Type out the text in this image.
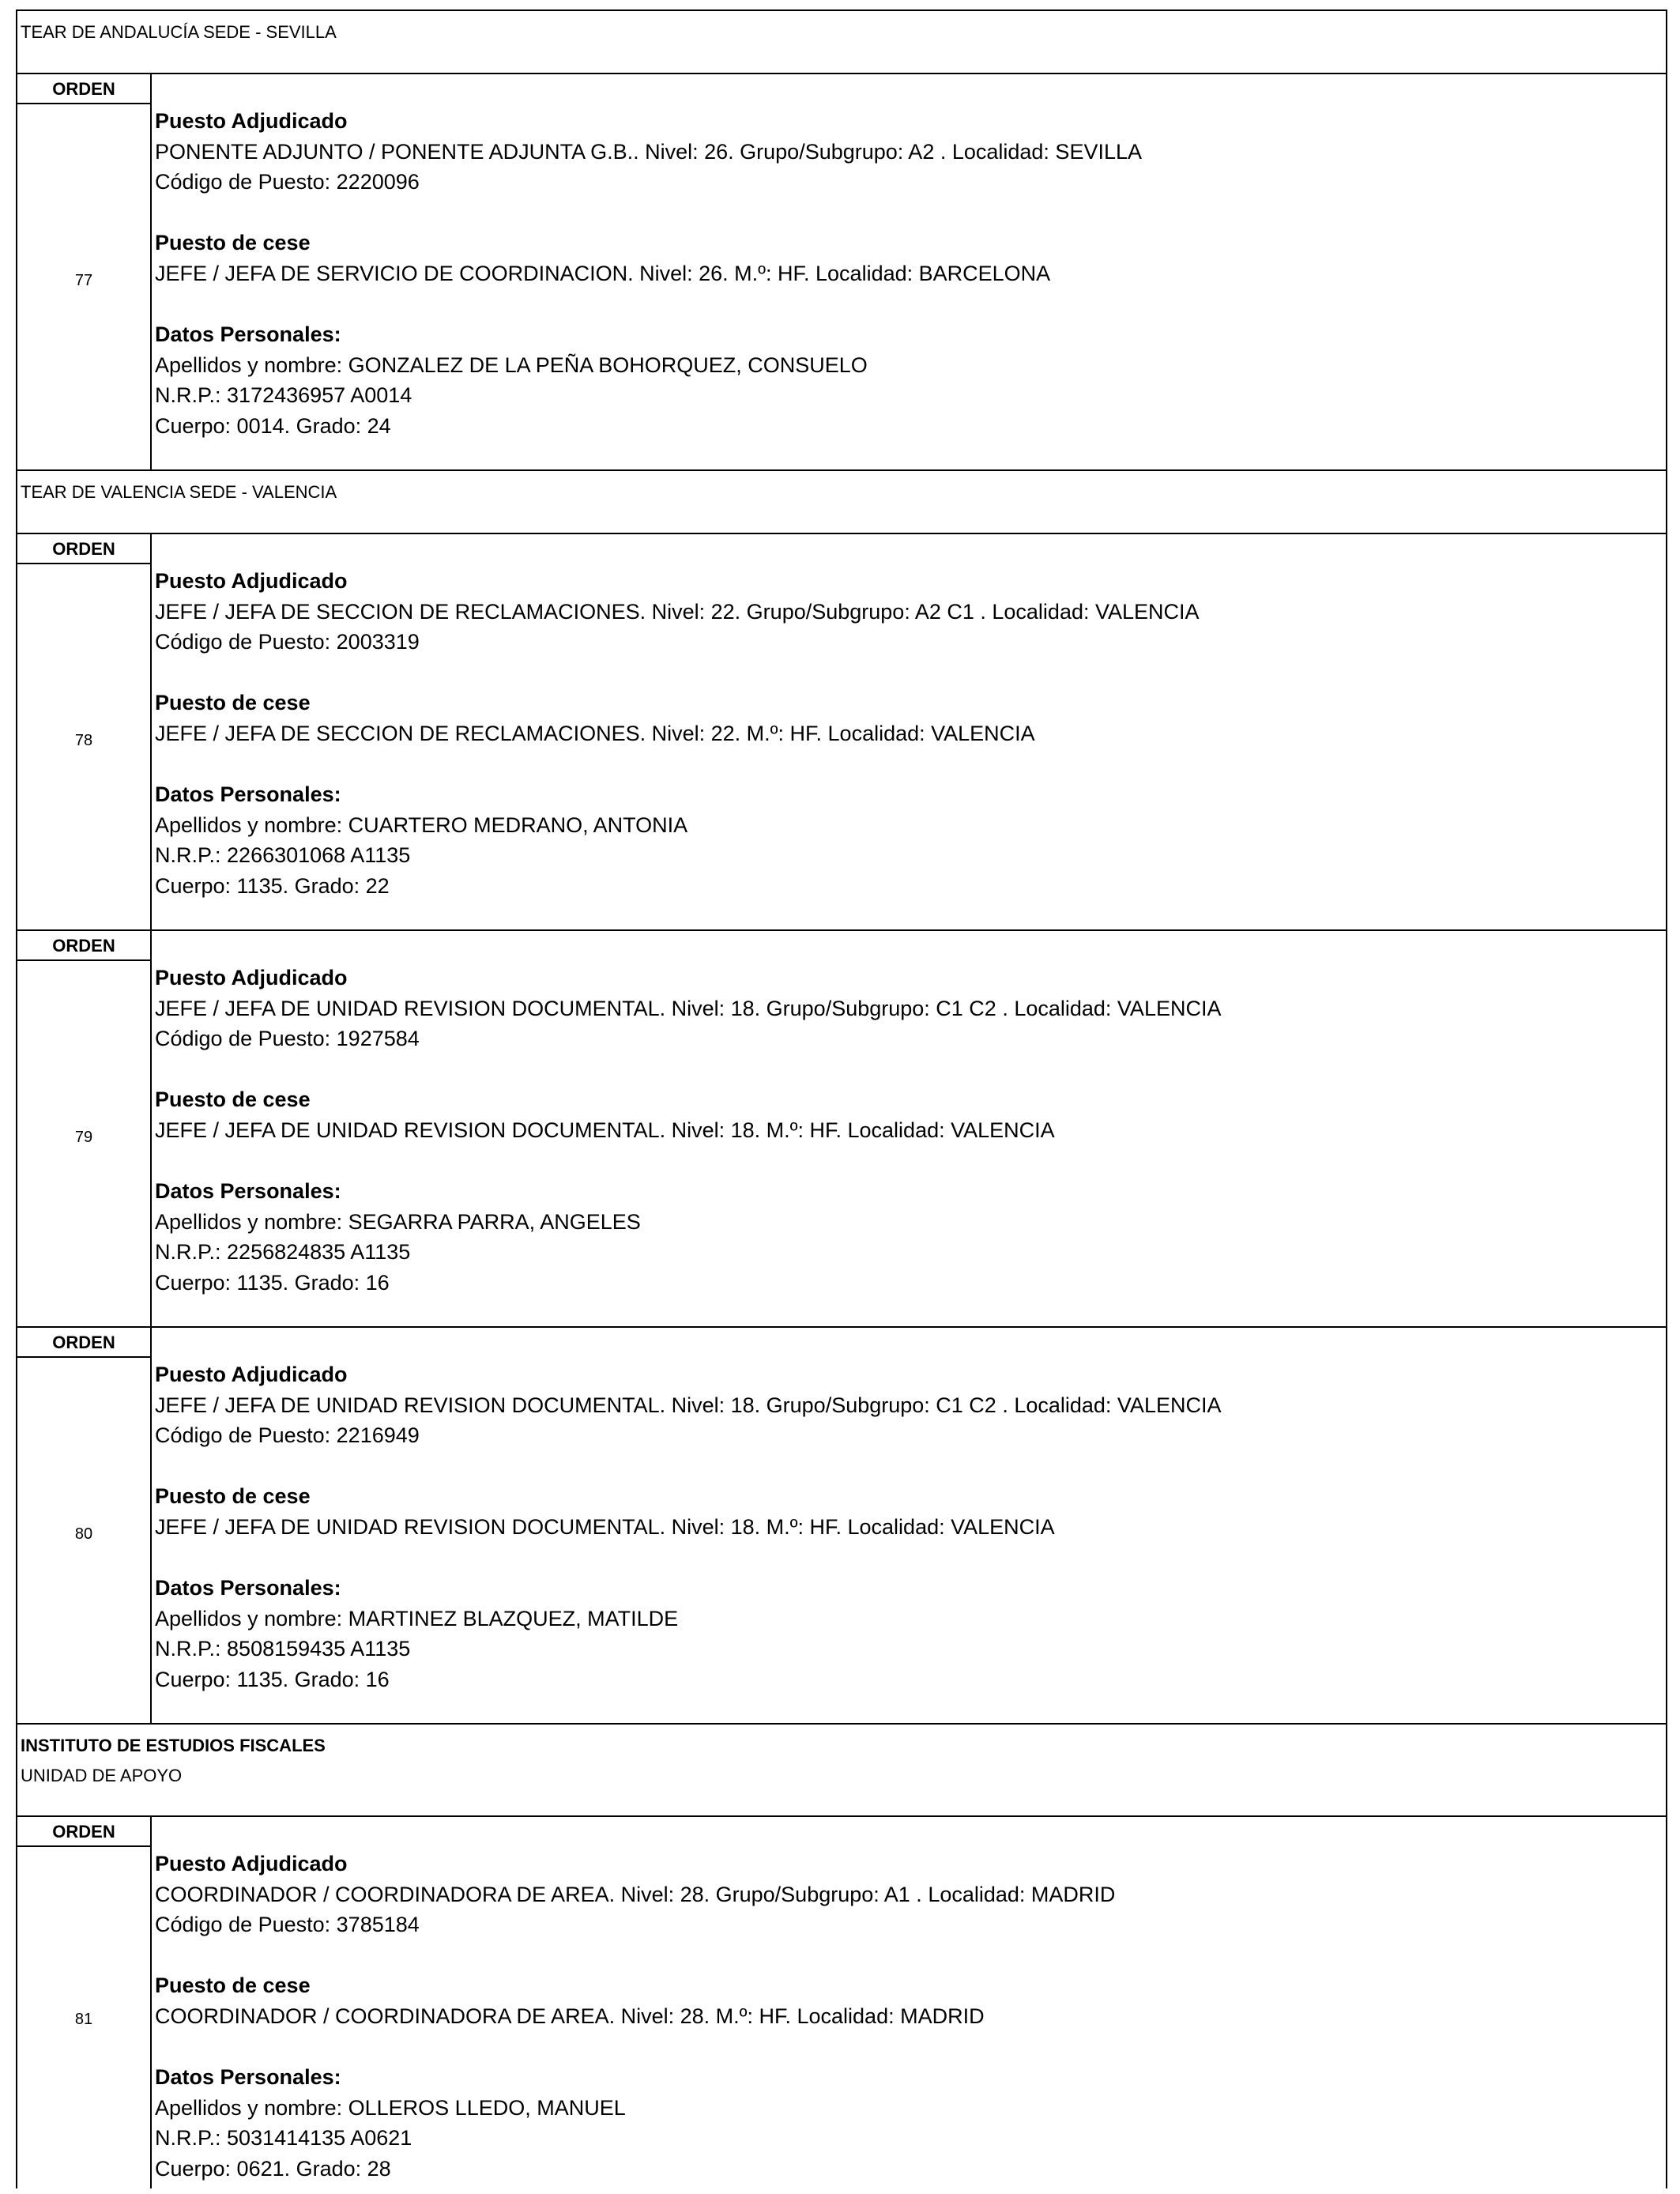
TEAR DE ANDALUCÍA SEDE - SEVILLA
ORDEN
77
Puesto Adjudicado
PONENTE ADJUNTO / PONENTE ADJUNTA G.B.. Nivel: 26. Grupo/Subgrupo: A2 . Localidad: SEVILLA
Código de Puesto: 2220096
Puesto de cese
JEFE / JEFA DE SERVICIO DE COORDINACION. Nivel: 26. M.º: HF. Localidad: BARCELONA
Datos Personales:
Apellidos y nombre: GONZALEZ DE LA PEÑA BOHORQUEZ, CONSUELO
N.R.P.: 3172436957 A0014
Cuerpo: 0014. Grado: 24
TEAR DE VALENCIA SEDE - VALENCIA
ORDEN
78
Puesto Adjudicado
JEFE / JEFA DE SECCION DE RECLAMACIONES. Nivel: 22. Grupo/Subgrupo: A2 C1 . Localidad: VALENCIA
Código de Puesto: 2003319
Puesto de cese
JEFE / JEFA DE SECCION DE RECLAMACIONES. Nivel: 22. M.º: HF. Localidad: VALENCIA
Datos Personales:
Apellidos y nombre: CUARTERO MEDRANO, ANTONIA
N.R.P.: 2266301068 A1135
Cuerpo: 1135. Grado: 22
ORDEN
79
Puesto Adjudicado
JEFE / JEFA DE UNIDAD REVISION DOCUMENTAL. Nivel: 18. Grupo/Subgrupo: C1 C2 . Localidad: VALENCIA
Código de Puesto: 1927584
Puesto de cese
JEFE / JEFA DE UNIDAD REVISION DOCUMENTAL. Nivel: 18. M.º: HF. Localidad: VALENCIA
Datos Personales:
Apellidos y nombre: SEGARRA PARRA, ANGELES
N.R.P.: 2256824835 A1135
Cuerpo: 1135. Grado: 16
ORDEN
80
Puesto Adjudicado
JEFE / JEFA DE UNIDAD REVISION DOCUMENTAL. Nivel: 18. Grupo/Subgrupo: C1 C2 . Localidad: VALENCIA
Código de Puesto: 2216949
Puesto de cese
JEFE / JEFA DE UNIDAD REVISION DOCUMENTAL. Nivel: 18. M.º: HF. Localidad: VALENCIA
Datos Personales:
Apellidos y nombre: MARTINEZ BLAZQUEZ, MATILDE
N.R.P.: 8508159435 A1135
Cuerpo: 1135. Grado: 16
INSTITUTO DE ESTUDIOS FISCALES
UNIDAD DE APOYO
ORDEN
81
Puesto Adjudicado
COORDINADOR / COORDINADORA DE AREA. Nivel: 28. Grupo/Subgrupo: A1 . Localidad: MADRID
Código de Puesto: 3785184
Puesto de cese
COORDINADOR / COORDINADORA DE AREA. Nivel: 28. M.º: HF. Localidad: MADRID
Datos Personales:
Apellidos y nombre: OLLEROS LLEDO, MANUEL
N.R.P.: 5031414135 A0621
Cuerpo: 0621. Grado: 28
